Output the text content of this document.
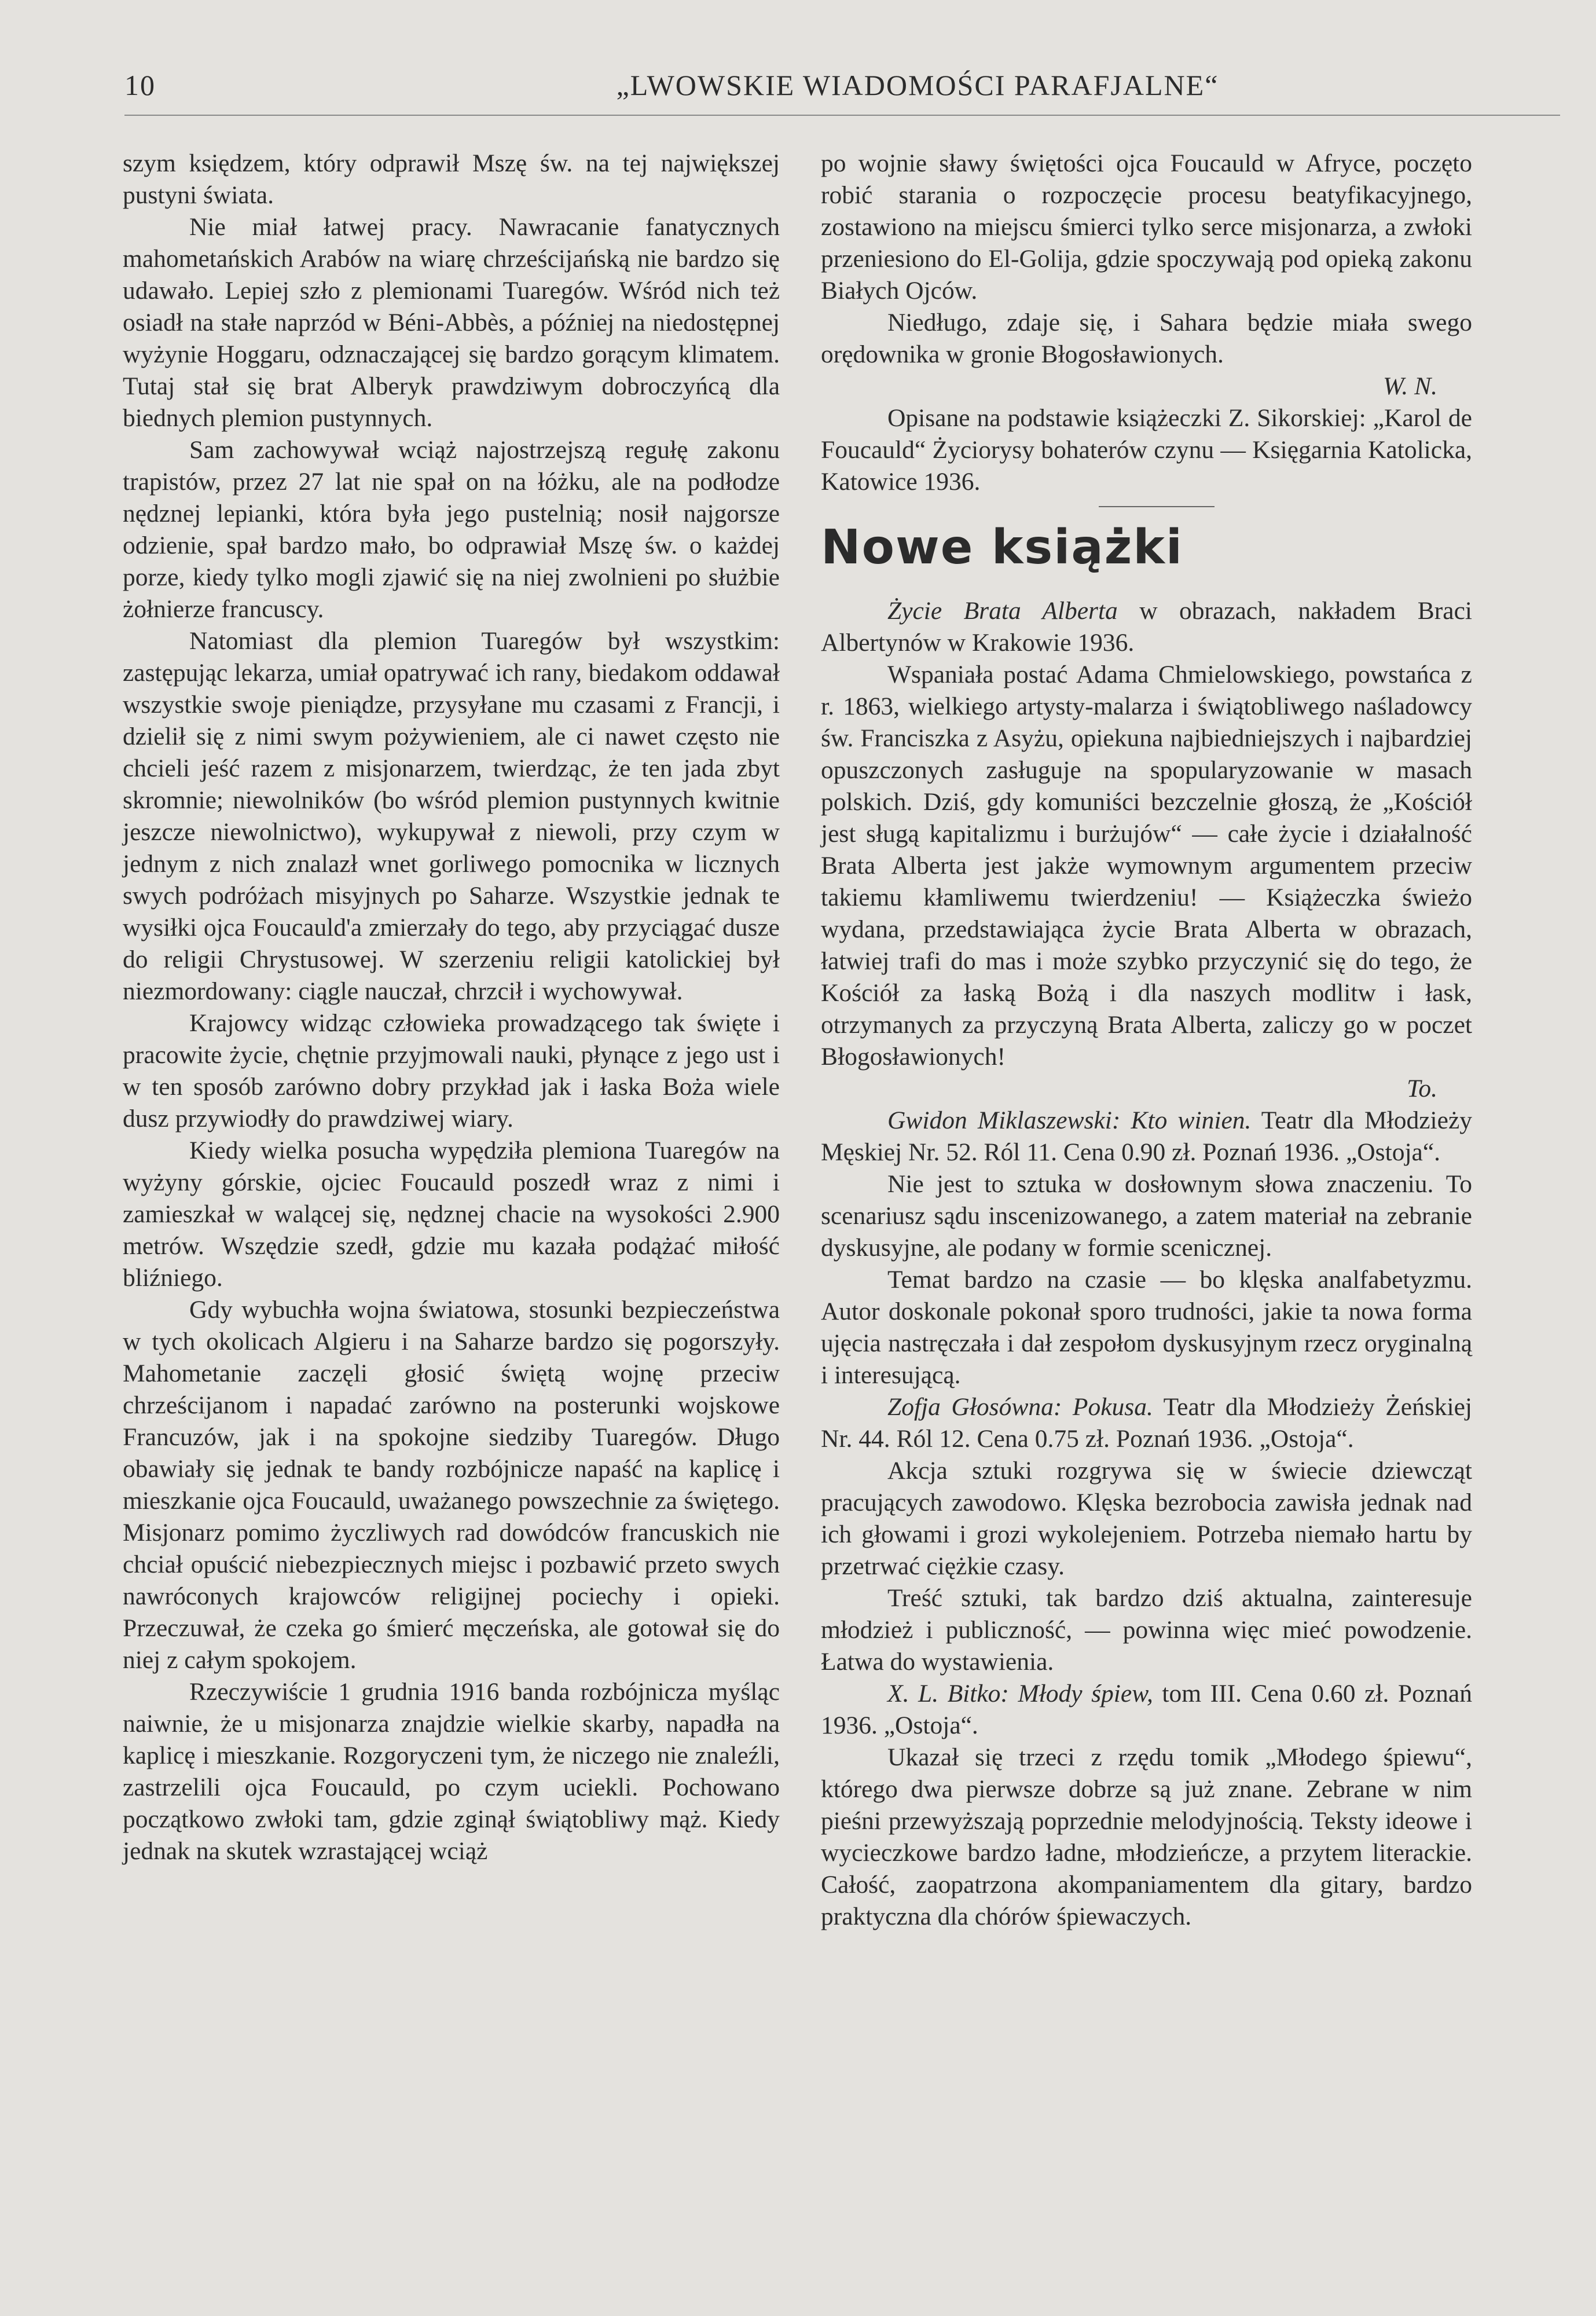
10	„LWOWSKIE WIADOMOŚCI PARAFJALNE“

szym księdzem, który odprawił Mszę św. na tej największej pustyni świata.

Nie miał łatwej pracy. Nawracanie fanatycznych mahometańskich Arabów na wiarę chrześcijańską nie bardzo się udawało. Lepiej szło z plemionami Tuaregów. Wśród nich też osiadł na stałe naprzód w Béni-Abbès, a później na niedostępnej wyżynie Hoggaru, odznaczającej się bardzo gorącym klimatem. Tutaj stał się brat Alberyk prawdziwym dobroczyńcą dla biednych plemion pustynnych.

Sam zachowywał wciąż najostrzejszą regułę zakonu trapistów, przez 27 lat nie spał on na łóżku, ale na podłodze nędznej lepianki, która była jego pustelnią; nosił najgorsze odzienie, spał bardzo mało, bo odprawiał Mszę św. o każdej porze, kiedy tylko mogli zjawić się na niej zwolnieni po służbie żołnierze francuscy.

Natomiast dla plemion Tuaregów był wszystkim: zastępując lekarza, umiał opatrywać ich rany, biedakom oddawał wszystkie swoje pieniądze, przysyłane mu czasami z Francji, i dzielił się z nimi swym pożywieniem, ale ci nawet często nie chcieli jeść razem z misjonarzem, twierdząc, że ten jada zbyt skromnie; niewolników (bo wśród plemion pustynnych kwitnie jeszcze niewolnictwo), wykupywał z niewoli, przy czym w jednym z nich znalazł wnet gorliwego pomocnika w licznych swych podróżach misyjnych po Saharze. Wszystkie jednak te wysiłki ojca Foucauld'a zmierzały do tego, aby przyciągać dusze do religii Chrystusowej. W szerzeniu religii katolickiej był niezmordowany: ciągle nauczał, chrzcił i wychowywał.

Krajowcy widząc człowieka prowadzącego tak święte i pracowite życie, chętnie przyjmowali nauki, płynące z jego ust i w ten sposób zarówno dobry przykład jak i łaska Boża wiele dusz przywiodły do prawdziwej wiary.

Kiedy wielka posucha wypędziła plemiona Tuaregów na wyżyny górskie, ojciec Foucauld poszedł wraz z nimi i zamieszkał w walącej się, nędznej chacie na wysokości 2.900 metrów. Wszędzie szedł, gdzie mu kazała podążać miłość bliźniego.

Gdy wybuchła wojna światowa, stosunki bezpieczeństwa w tych okolicach Algieru i na Saharze bardzo się pogorszyły. Mahometanie zaczęli głosić świętą wojnę przeciw chrześcijanom i napadać zarówno na posterunki wojskowe Francuzów, jak i na spokojne siedziby Tuaregów. Długo obawiały się jednak te bandy rozbójnicze napaść na kaplicę i mieszkanie ojca Foucauld, uważanego powszechnie za świętego. Misjonarz pomimo życzliwych rad dowódców francuskich nie chciał opuścić niebezpiecznych miejsc i pozbawić przeto swych nawróconych krajowców religijnej pociechy i opieki. Przeczuwał, że czeka go śmierć męczeńska, ale gotował się do niej z całym spokojem.

Rzeczywiście 1 grudnia 1916 banda rozbójnicza myśląc naiwnie, że u misjonarza znajdzie wielkie skarby, napadła na kaplicę i mieszkanie. Rozgoryczeni tym, że niczego nie znaleźli, zastrzelili ojca Foucauld, po czym uciekli. Pochowano początkowo zwłoki tam, gdzie zginął świątobliwy mąż. Kiedy jednak na skutek wzrastającej wciąż

po wojnie sławy świętości ojca Foucauld w Afryce, poczęto robić starania o rozpoczęcie procesu beatyfikacyjnego, zostawiono na miejscu śmierci tylko serce misjonarza, a zwłoki przeniesiono do El-Golija, gdzie spoczywają pod opieką zakonu Białych Ojców.

Niedługo, zdaje się, i Sahara będzie miała swego orędownika w gronie Błogosławionych.

W. N.

Opisane na podstawie książeczki Z. Sikorskiej: „Karol de Foucauld“ Życiorysy bohaterów czynu — Księgarnia Katolicka, Katowice 1936.

Nowe książki

Życie Brata Alberta w obrazach, nakładem Braci Albertynów w Krakowie 1936.

Wspaniała postać Adama Chmielowskiego, powstańca z r. 1863, wielkiego artysty-malarza i świątobliwego naśladowcy św. Franciszka z Asyżu, opiekuna najbiedniejszych i najbardziej opuszczonych zasługuje na spopularyzowanie w masach polskich. Dziś, gdy komuniści bezczelnie głoszą, że „Kościół jest sługą kapitalizmu i burżujów“ — całe życie i działalność Brata Alberta jest jakże wymownym argumentem przeciw takiemu kłamliwemu twierdzeniu! — Książeczka świeżo wydana, przedstawiająca życie Brata Alberta w obrazach, łatwiej trafi do mas i może szybko przyczynić się do tego, że Kościół za łaską Bożą i dla naszych modlitw i łask, otrzymanych za przyczyną Brata Alberta, zaliczy go w poczet Błogosławionych!

To.

Gwidon Miklaszewski: Kto winien. Teatr dla Młodzieży Męskiej Nr. 52. Ról 11. Cena 0.90 zł. Poznań 1936. „Ostoja“.

Nie jest to sztuka w dosłownym słowa znaczeniu. To scenariusz sądu inscenizowanego, a zatem materiał na zebranie dyskusyjne, ale podany w formie scenicznej.

Temat bardzo na czasie — bo klęska analfabetyzmu. Autor doskonale pokonał sporo trudności, jakie ta nowa forma ujęcia nastręczała i dał zespołom dyskusyjnym rzecz oryginalną i interesującą.

Zofja Głosówna: Pokusa. Teatr dla Młodzieży Żeńskiej Nr. 44. Ról 12. Cena 0.75 zł. Poznań 1936. „Ostoja“.

Akcja sztuki rozgrywa się w świecie dziewcząt pracujących zawodowo. Klęska bezrobocia zawisła jednak nad ich głowami i grozi wykolejeniem. Potrzeba niemało hartu by przetrwać ciężkie czasy.

Treść sztuki, tak bardzo dziś aktualna, zainteresuje młodzież i publiczność, — powinna więc mieć powodzenie. Łatwa do wystawienia.

X. L. Bitko: Młody śpiew, tom III. Cena 0.60 zł. Poznań 1936. „Ostoja“.

Ukazał się trzeci z rzędu tomik „Młodego śpiewu“, którego dwa pierwsze dobrze są już znane. Zebrane w nim pieśni przewyższają poprzednie melodyjnością. Teksty ideowe i wycieczkowe bardzo ładne, młodzieńcze, a przytem literackie. Całość, zaopatrzona akompaniamentem dla gitary, bardzo praktyczna dla chórów śpiewaczych.
